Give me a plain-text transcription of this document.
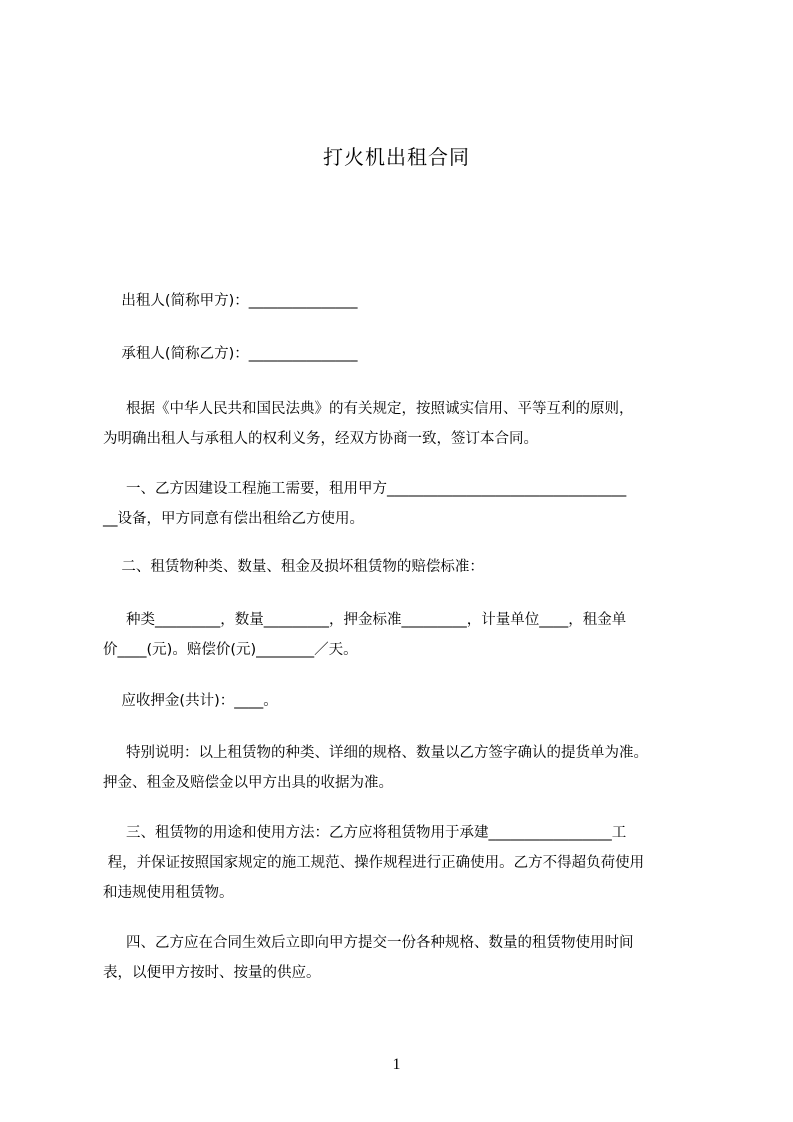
打火机出租合同
出租人(简称甲方)：_______________
承租人(简称乙方)：_______________
根据《中华人民共和国民法典》的有关规定，按照诚实信用、平等互利的原则，
为明确出租人与承租人的权利义务，经双方协商一致，签订本合同。
一、乙方因建设工程施工需要，租用甲方_________________________________
__设备，甲方同意有偿出租给乙方使用。
二、租赁物种类、数量、租金及损坏租赁物的赔偿标准：
种类_________，数量_________，押金标准_________，计量单位____，租金单
价____(元)。赔偿价(元)________／天。
应收押金(共计)：____。
特别说明：以上租赁物的种类、详细的规格、数量以乙方签字确认的提货单为准。
押金、租金及赔偿金以甲方出具的收据为准。
三、租赁物的用途和使用方法：乙方应将租赁物用于承建_________________工
程，并保证按照国家规定的施工规范、操作规程进行正确使用。乙方不得超负荷使用
和违规使用租赁物。
四、乙方应在合同生效后立即向甲方提交一份各种规格、数量的租赁物使用时间
表，以便甲方按时、按量的供应。
1
